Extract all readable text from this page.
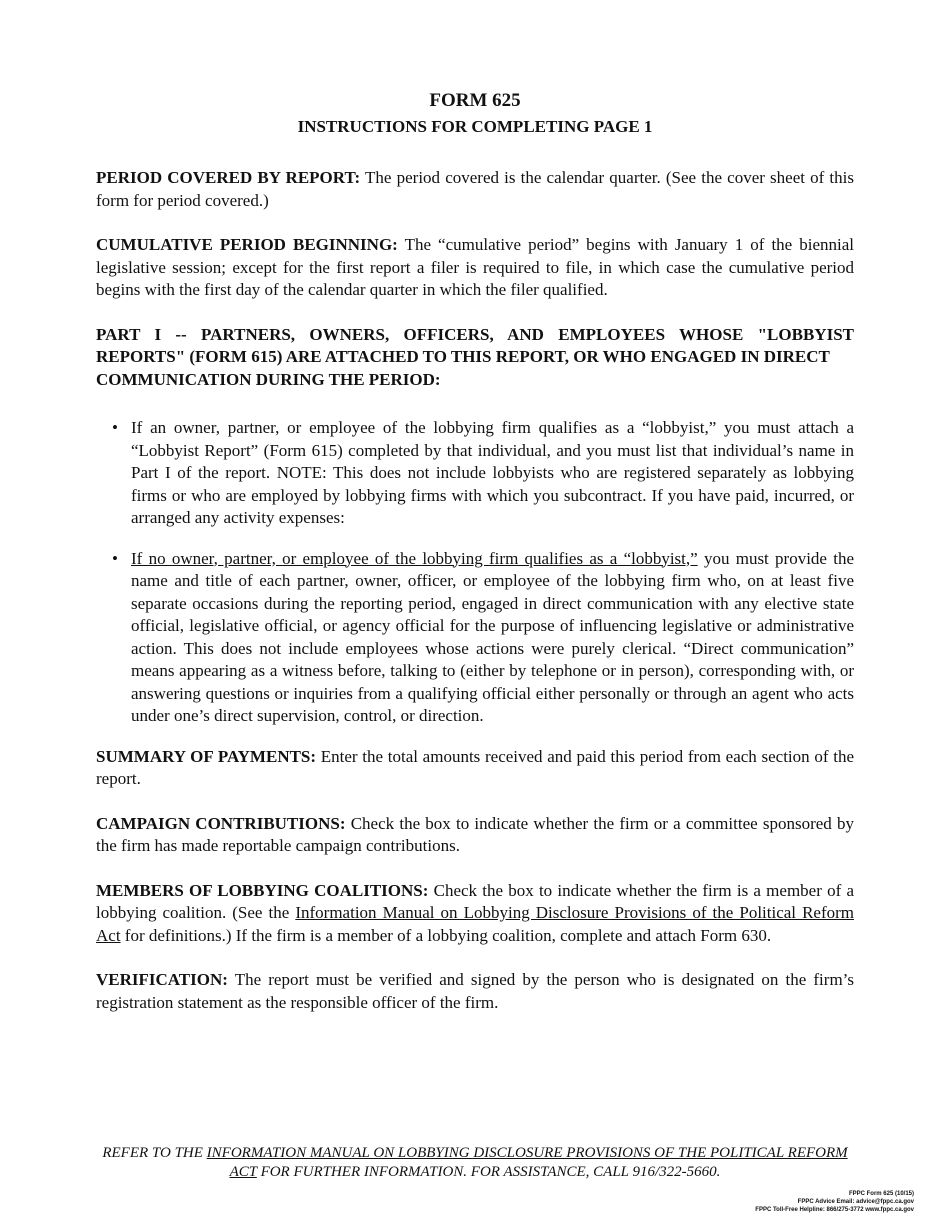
FORM 625
INSTRUCTIONS FOR COMPLETING PAGE 1

PERIOD COVERED BY REPORT: The period covered is the calendar quarter. (See the cover sheet of this form for period covered.)

CUMULATIVE PERIOD BEGINNING: The “cumulative period” begins with January 1 of the biennial legislative session; except for the first report a filer is required to file, in which case the cumulative period begins with the first day of the calendar quarter in which the filer qualified.

PART I -- PARTNERS, OWNERS, OFFICERS, AND EMPLOYEES WHOSE "LOBBYIST REPORTS" (FORM 615) ARE ATTACHED TO THIS REPORT, OR WHO ENGAGED IN DIRECT
COMMUNICATION DURING THE PERIOD:
• If an owner, partner, or employee of the lobbying firm qualifies as a “lobbyist,” you must attach a “Lobbyist Report” (Form 615) completed by that individual, and you must list that individual’s name in Part I of the report. NOTE: This does not include lobbyists who are registered separately as lobbying firms or who are employed by lobbying firms with which you subcontract. If you have paid, incurred, or arranged any activity expenses:
• If no owner, partner, or employee of the lobbying firm qualifies as a “lobbyist,” you must provide the name and title of each partner, owner, officer, or employee of the lobbying firm who, on at least five separate occasions during the reporting period, engaged in direct communication with any elective state official, legislative official, or agency official for the purpose of influencing legislative or administrative action. This does not include employees whose actions were purely clerical. “Direct communication” means appearing as a witness before, talking to (either by telephone or in person), corresponding with, or answering questions or inquiries from a qualifying official either personally or through an agent who acts under one’s direct supervision, control, or direction.

SUMMARY OF PAYMENTS: Enter the total amounts received and paid this period from each section of the report.

CAMPAIGN CONTRIBUTIONS: Check the box to indicate whether the firm or a committee sponsored by the firm has made reportable campaign contributions.

MEMBERS OF LOBBYING COALITIONS: Check the box to indicate whether the firm is a member of a lobbying coalition. (See the Information Manual on Lobbying Disclosure Provisions of the Political Reform Act for definitions.) If the firm is a member of a lobbying coalition, complete and attach Form 630.

VERIFICATION: The report must be verified and signed by the person who is designated on the firm’s registration statement as the responsible officer of the firm.

REFER TO THE INFORMATION MANUAL ON LOBBYING DISCLOSURE PROVISIONS OF THE POLITICAL REFORM ACT FOR FURTHER INFORMATION. FOR ASSISTANCE, CALL 916/322-5660.
FPPC Form 625 (10/15)
FPPC Advice Email: advice@fppc.ca.gov
FPPC Toll-Free Helpline: 866/275-3772 www.fppc.ca.gov
